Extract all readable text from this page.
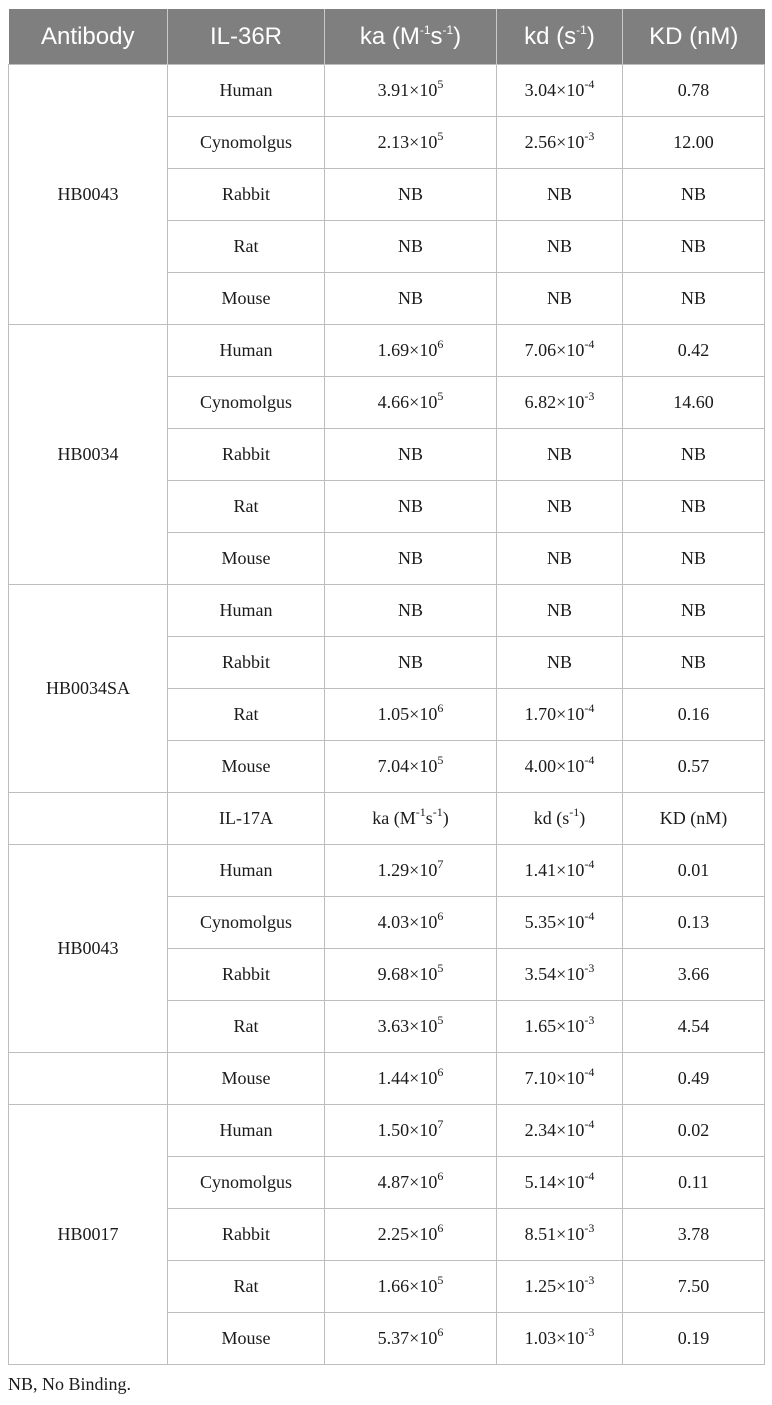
Antibody	IL-36R	ka $(M^{-1}s^{-1})$	kd $(s^{-1})$	KD (nM)
HB0043	Human	$3.91\times 10^5$	$3.04\times 10^{-4}$	0.78
	Cynomolgus	$2.13\times 10^5$	$2.56\times 10^{-3}$	12.00
	Rabbit	NB	NB	NB
	Rat	NB	NB	NB
	Mouse	NB	NB	NB
HB0034	Human	$1.69\times 10^6$	$7.06\times 10^{-4}$	0.42
	Cynomolgus	$4.66\times 10^5$	$6.82\times 10^{-3}$	14.60
	Rabbit	NB	NB	NB
	Rat	NB	NB	NB
	Mouse	NB	NB	NB
HB0034SA	Human	NB	NB	NB
	Rabbit	NB	NB	NB
	Rat	$1.05\times 10^6$	$1.70\times 10^{-4}$	0.16
	Mouse	$7.04\times 10^5$	$4.00\times 10^{-4}$	0.57
	IL-17A	ka $(M^{-1}s^{-1})$	kd $(s^{-1})$	KD (nM)
HB0043	Human	$1.29\times 10^7$	$1.41\times 10^{-4}$	0.01
	Cynomolgus	$4.03\times 10^6$	$5.35\times 10^{-4}$	0.13
	Rabbit	$9.68\times 10^5$	$3.54\times 10^{-3}$	3.66
	Rat	$3.63\times 10^5$	$1.65\times 10^{-3}$	4.54
	Mouse	$1.44\times 10^6$	$7.10\times 10^{-4}$	0.49
HB0017	Human	$1.50\times 10^7$	$2.34\times 10^{-4}$	0.02
	Cynomolgus	$4.87\times 10^6$	$5.14\times 10^{-4}$	0.11
	Rabbit	$2.25\times 10^6$	$8.51\times 10^{-3}$	3.78
	Rat	$1.66\times 10^5$	$1.25\times 10^{-3}$	7.50
	Mouse	$5.37\times 10^6$	$1.03\times 10^{-3}$	0.19

NB, No Binding.
